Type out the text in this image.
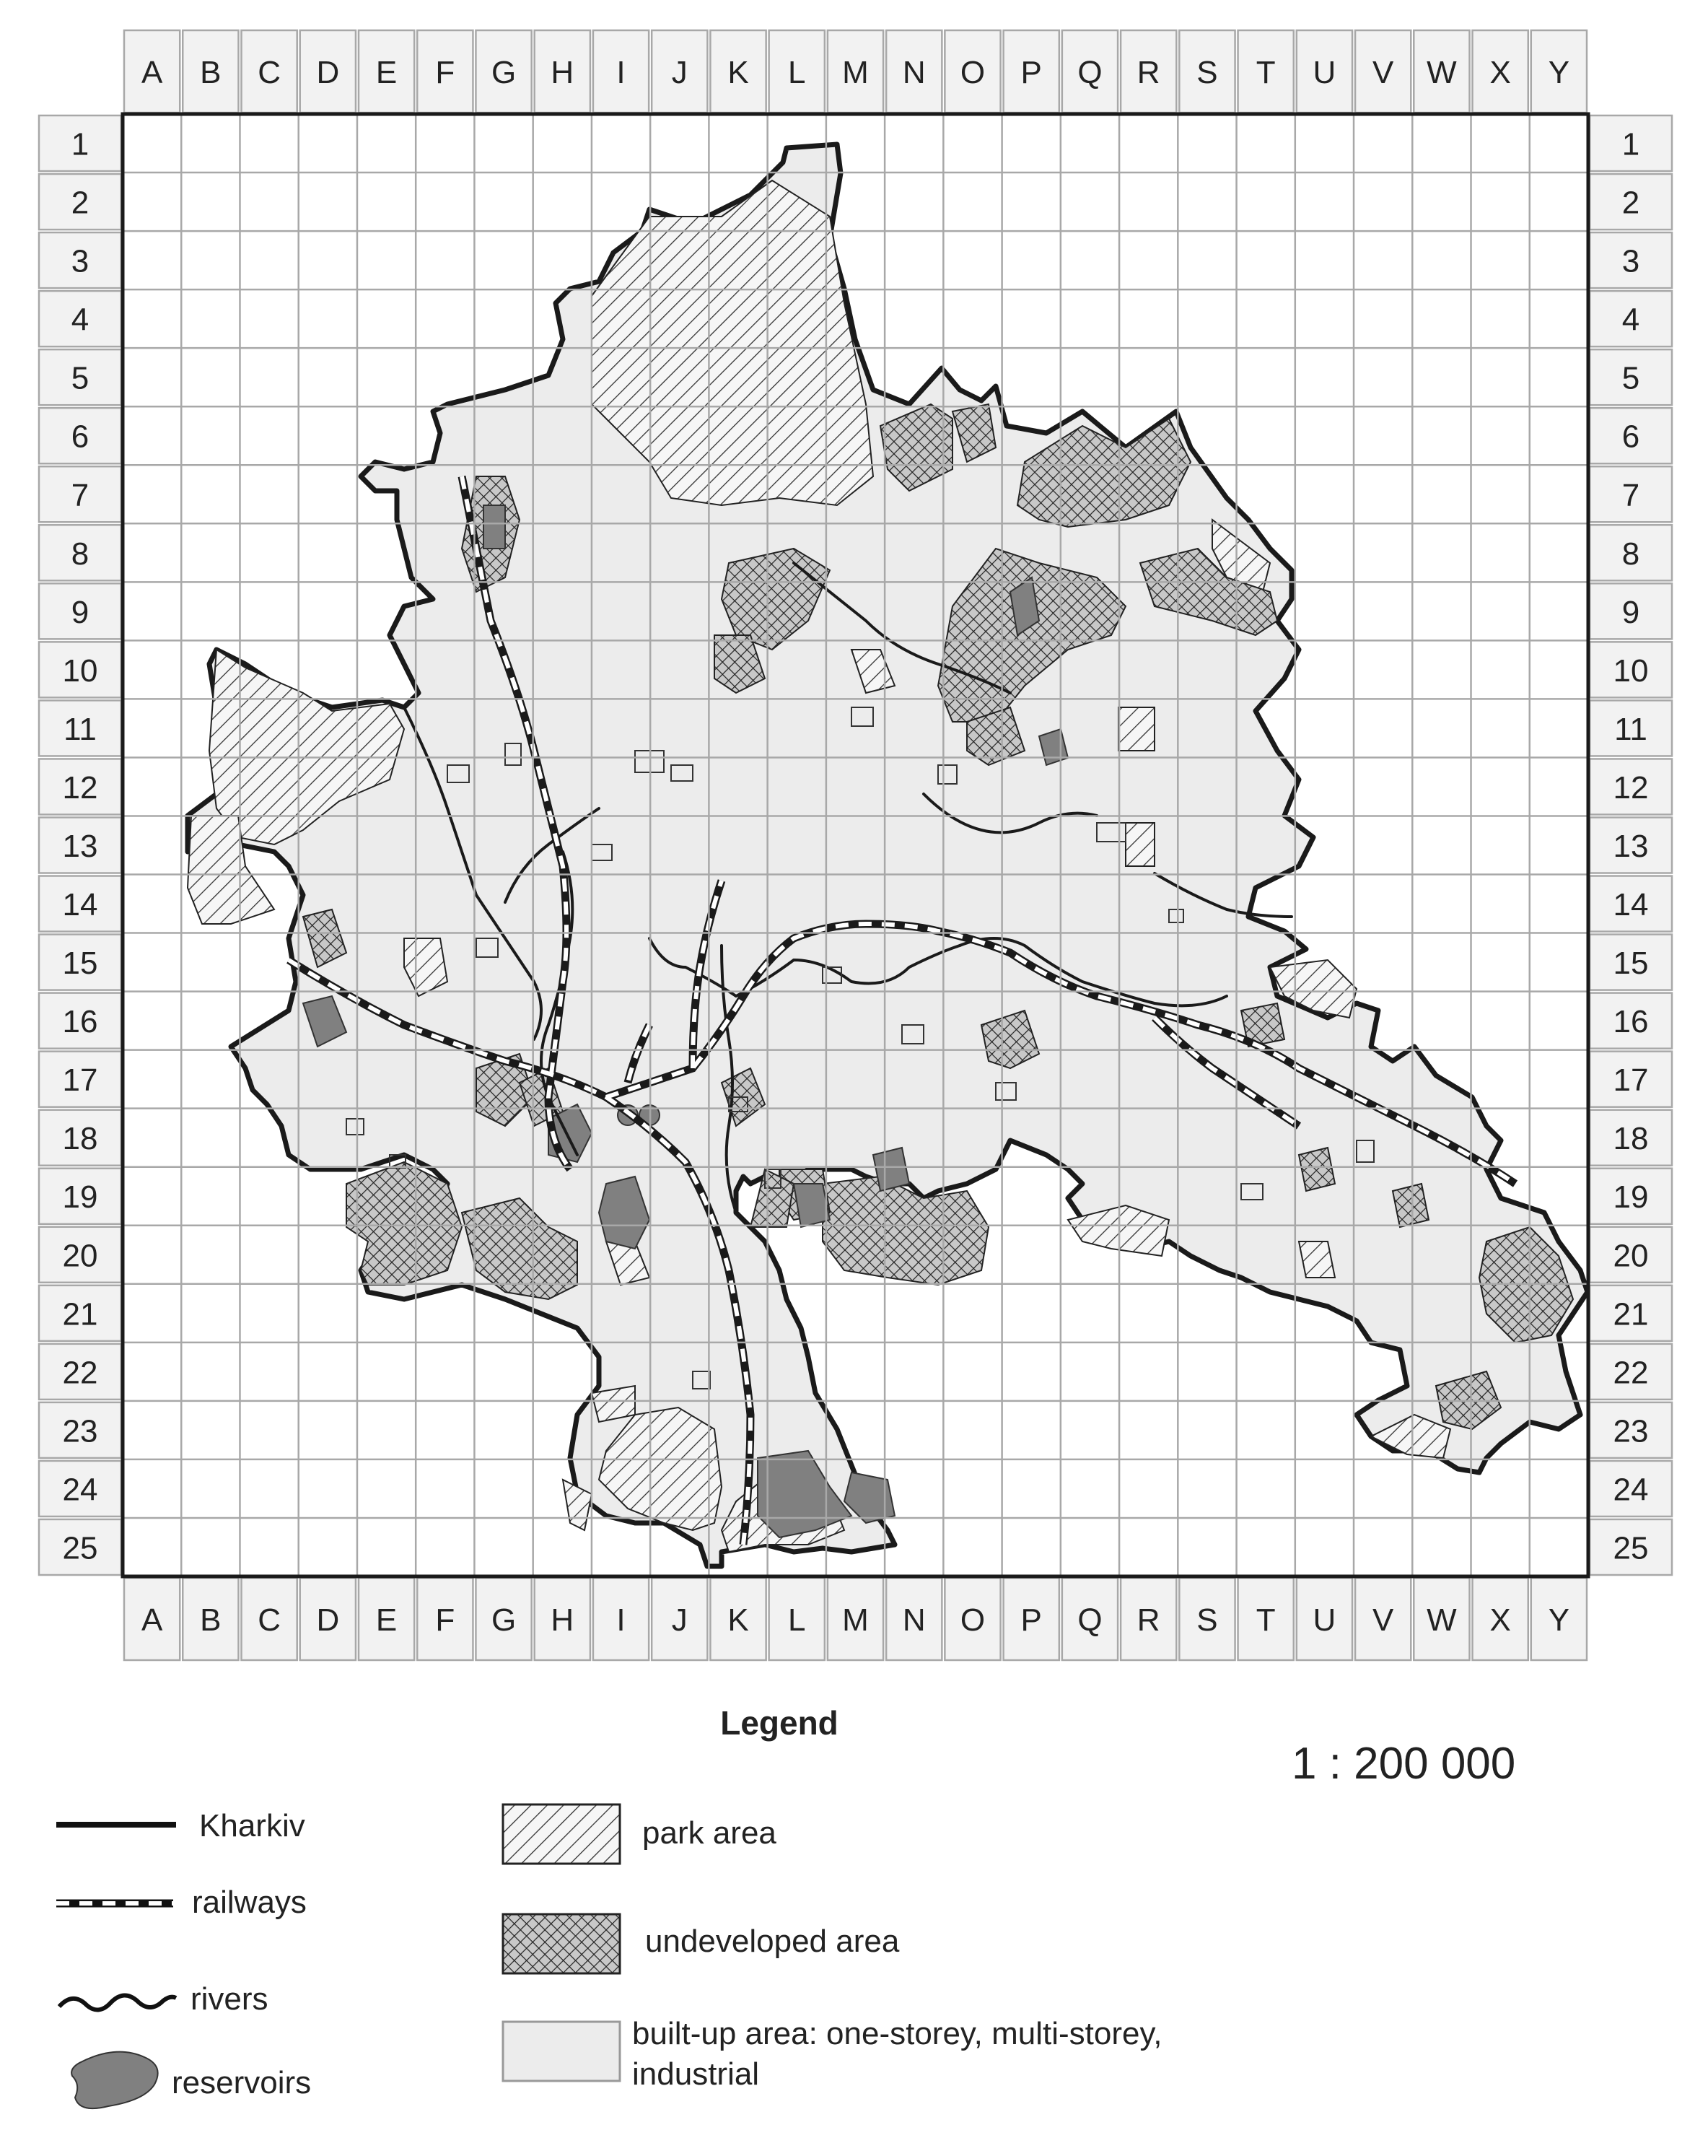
A B C D E F G H I J K L M N O P Q R S T U V W X Y
A B C D E F G H I J K L M N O P Q R S T U V W X Y
1
2
3
4
5
6
7
8
9
10
11
12
13
14
15
16
17
18
19
20
21
22
23
24
25
1
2
3
4
5
6
7
8
9
10
11
12
13
14
15
16
17
18
19
20
21
22
23
24
25
Legend
1 : 200 000
Kharkiv
railways
rivers
reservoirs
park area
undeveloped area
built-up area: one-storey, multi-storey, industrial
